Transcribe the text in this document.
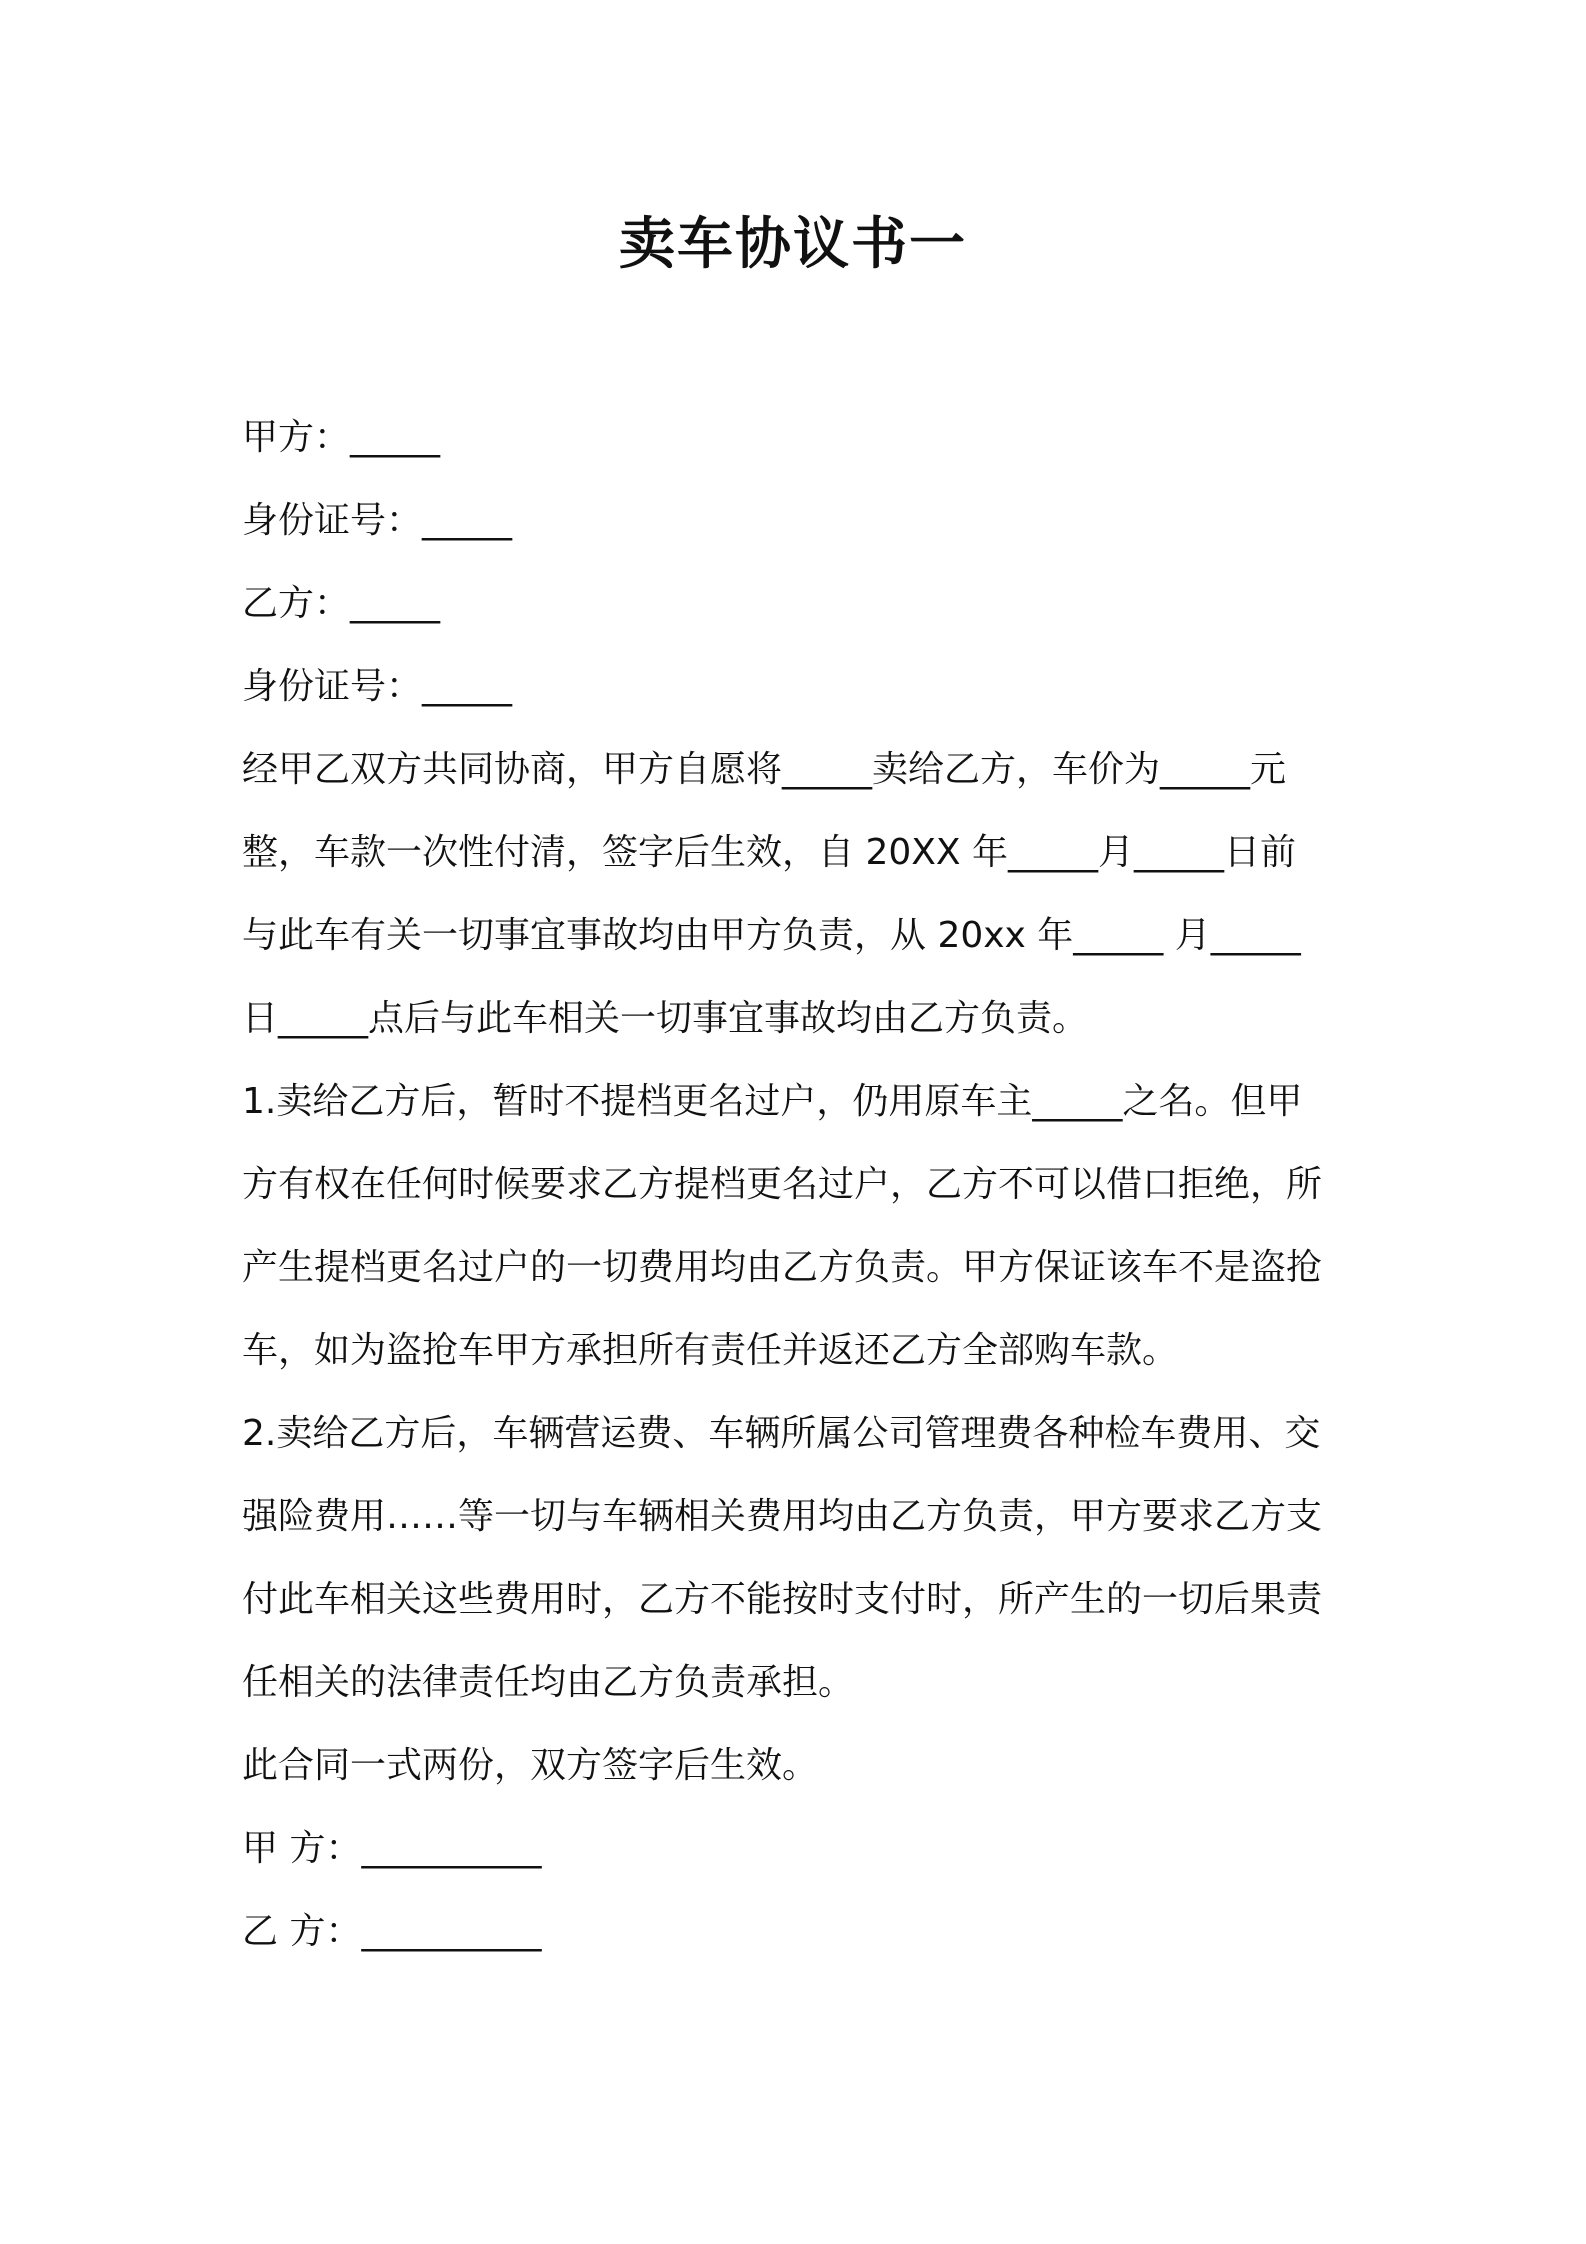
卖车协议书一
甲方：_____
身份证号：_____
乙方：_____
身份证号：_____
经甲乙双方共同协商，甲方自愿将_____卖给乙方，车价为_____元
整，车款一次性付清，签字后生效，自 20XX 年_____月_____日前
与此车有关一切事宜事故均由甲方负责，从 20xx 年_____ 月_____
日_____点后与此车相关一切事宜事故均由乙方负责。
1.卖给乙方后，暂时不提档更名过户，仍用原车主_____之名。但甲
方有权在任何时候要求乙方提档更名过户，乙方不可以借口拒绝，所
产生提档更名过户的一切费用均由乙方负责。甲方保证该车不是盗抢
车，如为盗抢车甲方承担所有责任并返还乙方全部购车款。
2.卖给乙方后，车辆营运费、车辆所属公司管理费各种检车费用、交
强险费用……等一切与车辆相关费用均由乙方负责，甲方要求乙方支
付此车相关这些费用时，乙方不能按时支付时，所产生的一切后果责
任相关的法律责任均由乙方负责承担。
此合同一式两份，双方签字后生效。
甲 方：__________
乙 方：__________
